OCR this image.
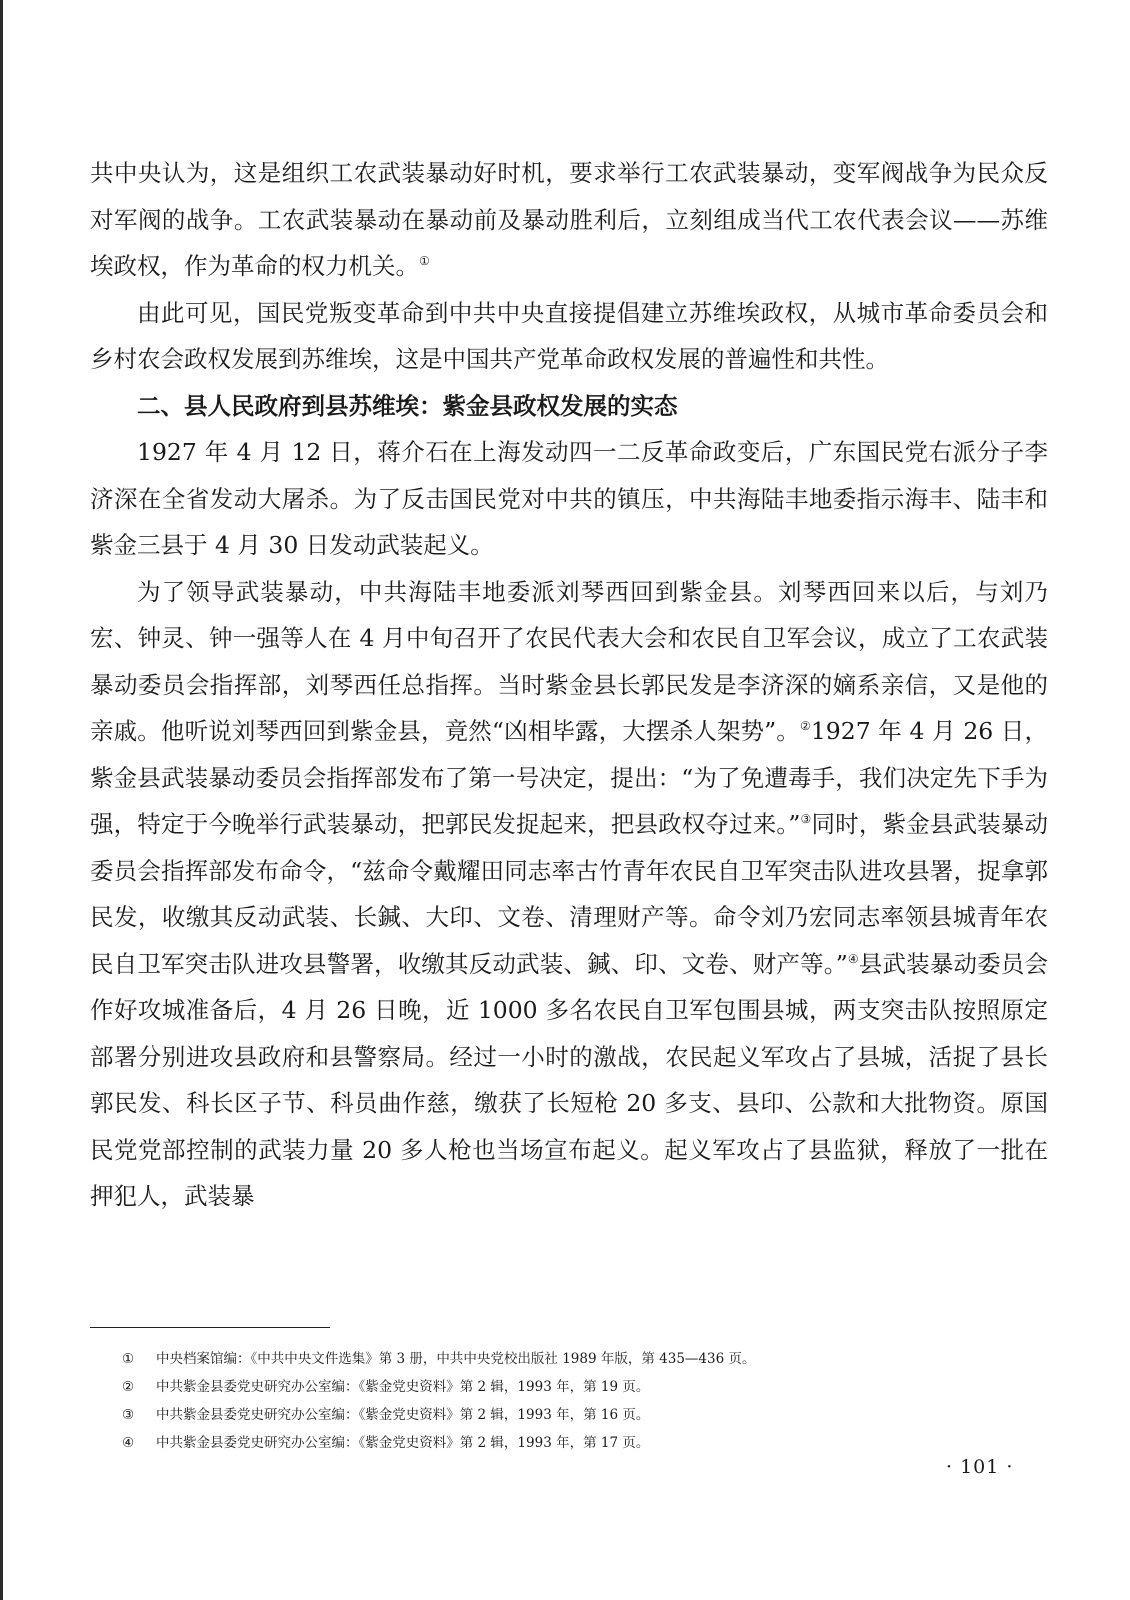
共中央认为，这是组织工农武装暴动好时机，要求举行工农武装暴动，变军阀战争为民众反对军阀的战争。工农武装暴动在暴动前及暴动胜利后，立刻组成当代工农代表会议——苏维埃政权，作为革命的权力机关。①

由此可见，国民党叛变革命到中共中央直接提倡建立苏维埃政权，从城市革命委员会和乡村农会政权发展到苏维埃，这是中国共产党革命政权发展的普遍性和共性。

二、县人民政府到县苏维埃：紫金县政权发展的实态

1927 年 4 月 12 日，蒋介石在上海发动四一二反革命政变后，广东国民党右派分子李济深在全省发动大屠杀。为了反击国民党对中共的镇压，中共海陆丰地委指示海丰、陆丰和紫金三县于 4 月 30 日发动武装起义。

为了领导武装暴动，中共海陆丰地委派刘琴西回到紫金县。刘琴西回来以后，与刘乃宏、钟灵、钟一强等人在 4 月中旬召开了农民代表大会和农民自卫军会议，成立了工农武装暴动委员会指挥部，刘琴西任总指挥。当时紫金县长郭民发是李济深的嫡系亲信，又是他的亲戚。他听说刘琴西回到紫金县，竟然“凶相毕露，大摆杀人架势”。②1927 年 4 月 26 日，紫金县武装暴动委员会指挥部发布了第一号决定，提出：“为了免遭毒手，我们决定先下手为强，特定于今晚举行武装暴动，把郭民发捉起来，把县政权夺过来。”③同时，紫金县武装暴动委员会指挥部发布命令，“兹命令戴耀田同志率古竹青年农民自卫军突击队进攻县署，捉拿郭民发，收缴其反动武装、长鍼、大印、文卷、清理财产等。命令刘乃宏同志率领县城青年农民自卫军突击队进攻县警署，收缴其反动武装、鍼、印、文卷、财产等。”④县武装暴动委员会作好攻城准备后，4 月 26 日晚，近 1000 多名农民自卫军包围县城，两支突击队按照原定部署分别进攻县政府和县警察局。经过一小时的激战，农民起义军攻占了县城，活捉了县长郭民发、科长区子节、科员曲作慈，缴获了长短枪 20 多支、县印、公款和大批物资。原国民党党部控制的武装力量 20 多人枪也当场宣布起义。起义军攻占了县监狱，释放了一批在押犯人，武装暴

①	中央档案馆编：《中共中央文件选集》第 3 册，中共中央党校出版社 1989 年版，第 435—436 页。
②	中共紫金县委党史研究办公室编：《紫金党史资料》第 2 辑，1993 年，第 19 页。
③	中共紫金县委党史研究办公室编：《紫金党史资料》第 2 辑，1993 年，第 16 页。
④	中共紫金县委党史研究办公室编：《紫金党史资料》第 2 辑，1993 年，第 17 页。
· 101 ·
